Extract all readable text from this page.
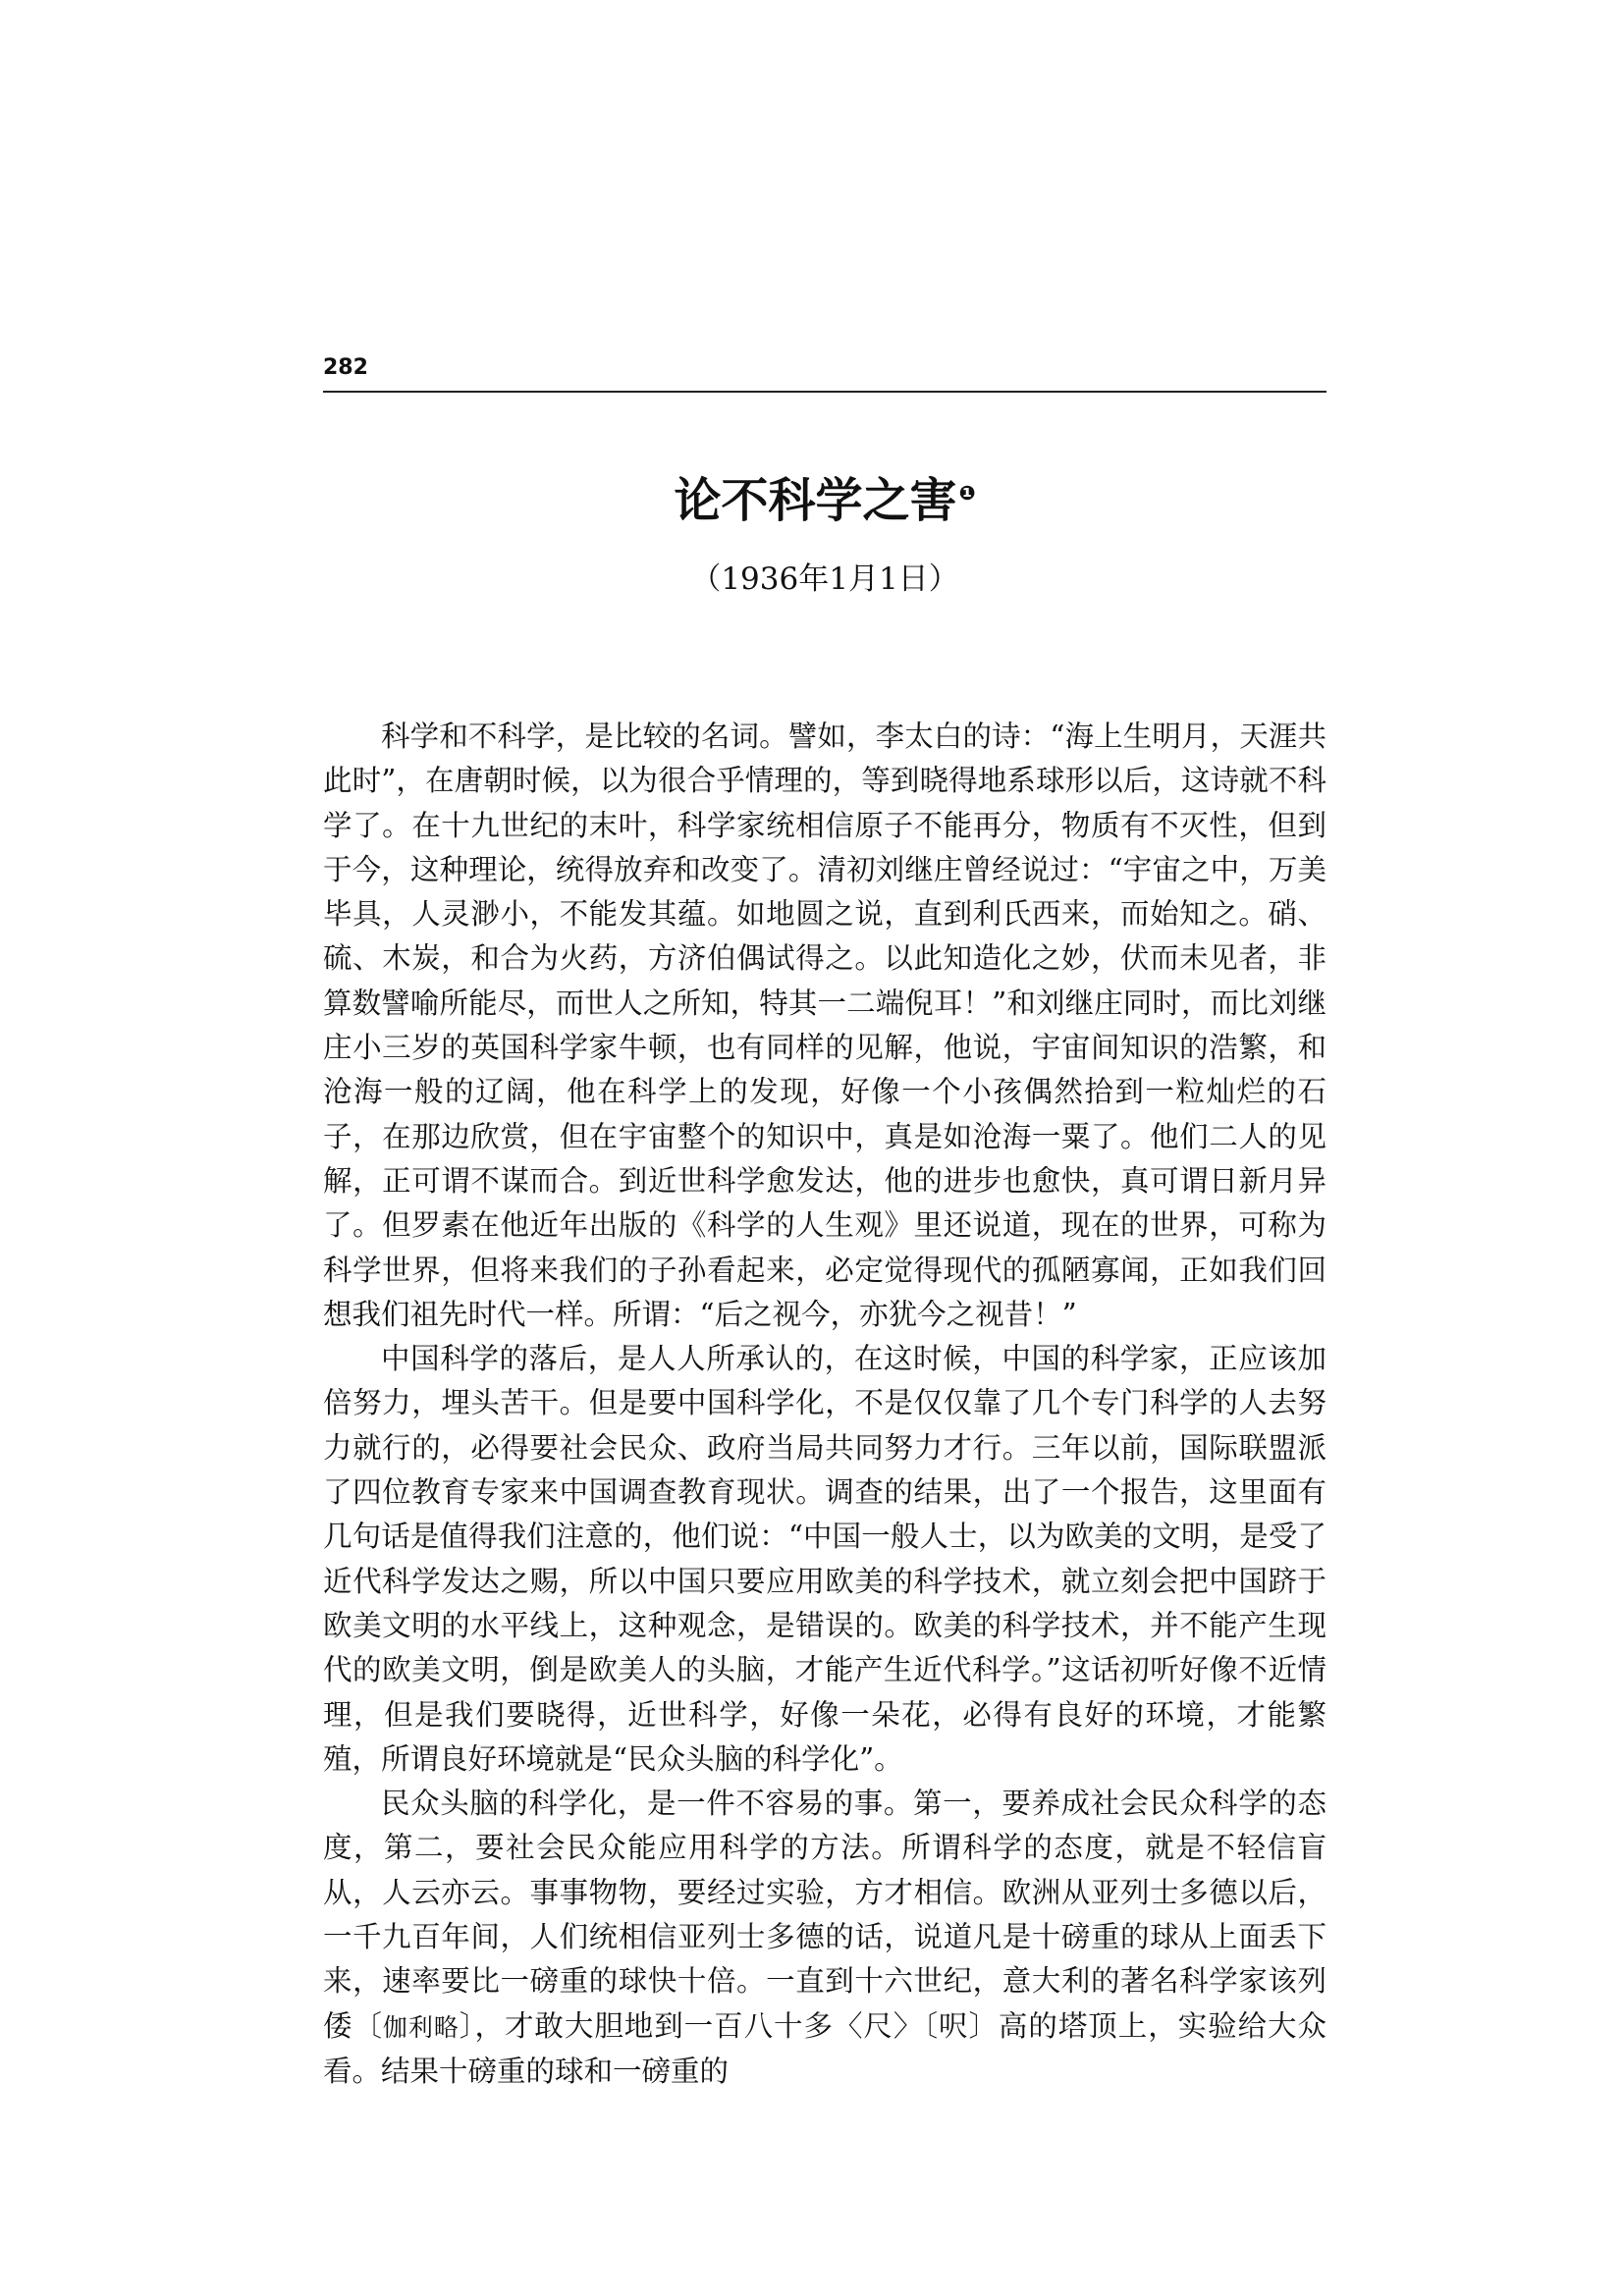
282
论不科学之害 $^❶$
（1936年1月1日）

科学和不科学，是比较的名词。譬如，李太白的诗：“海上生明月，天涯共此时”，在唐朝时候，以为很合乎情理的，等到晓得地系球形以后，这诗就不科学了。在十九世纪的末叶，科学家统相信原子不能再分，物质有不灭性，但到于今，这种理论，统得放弃和改变了。清初刘继庄曾经说过：“宇宙之中，万美毕具，人灵渺小，不能发其蕴。如地圆之说，直到利氏西来，而始知之。硝、硫、木炭，和合为火药，方济伯偶试得之。以此知造化之妙，伏而未见者，非算数譬喻所能尽，而世人之所知，特其一二端倪耳！”和刘继庄同时，而比刘继庄小三岁的英国科学家牛顿，也有同样的见解，他说，宇宙间知识的浩繁，和沧海一般的辽阔，他在科学上的发现，好像一个小孩偶然拾到一粒灿烂的石子，在那边欣赏，但在宇宙整个的知识中，真是如沧海一粟了。他们二人的见解，正可谓不谋而合。到近世科学愈发达，他的进步也愈快，真可谓日新月异了。但罗素在他近年出版的《科学的人生观》里还说道，现在的世界，可称为科学世界，但将来我们的子孙看起来，必定觉得现代的孤陋寡闻，正如我们回想我们祖先时代一样。所谓：“后之视今，亦犹今之视昔！”

中国科学的落后，是人人所承认的，在这时候，中国的科学家，正应该加倍努力，埋头苦干。但是要中国科学化，不是仅仅靠了几个专门科学的人去努力就行的，必得要社会民众、政府当局共同努力才行。三年以前，国际联盟派了四位教育专家来中国调查教育现状。调查的结果，出了一个报告，这里面有几句话是值得我们注意的，他们说：“中国一般人士，以为欧美的文明，是受了近代科学发达之赐，所以中国只要应用欧美的科学技术，就立刻会把中国跻于欧美文明的水平线上，这种观念，是错误的。欧美的科学技术，并不能产生现代的欧美文明，倒是欧美人的头脑，才能产生近代科学。”这话初听好像不近情理，但是我们要晓得，近世科学，好像一朵花，必得有良好的环境，才能繁殖，所谓良好环境就是“民众头脑的科学化”。

民众头脑的科学化，是一件不容易的事。第一，要养成社会民众科学的态度，第二，要社会民众能应用科学的方法。所谓科学的态度，就是不轻信盲从，人云亦云。事事物物，要经过实验，方才相信。欧洲从亚列士多德以后，一千九百年间，人们统相信亚列士多德的话，说道凡是十磅重的球从上面丢下来，速率要比一磅重的球快十倍。一直到十六世纪，意大利的著名科学家该列倭〔伽利略〕，才敢大胆地到一百八十多〈尺〉〔呎〕高的塔顶上，实验给大众看。结果十磅重的球和一磅重的
